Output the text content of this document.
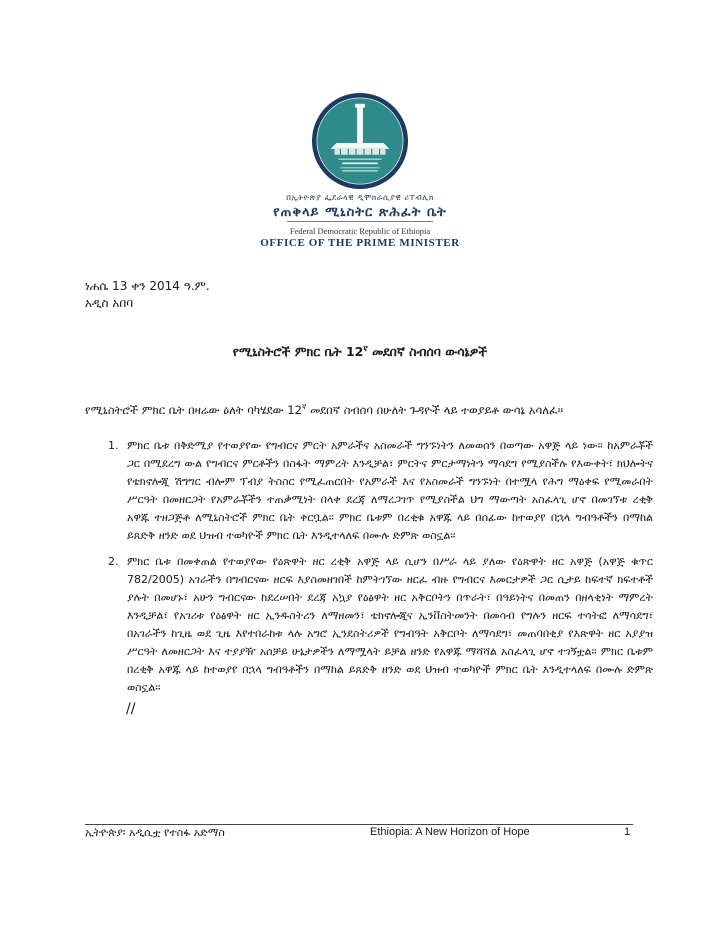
በኢትዮጵያ ፌደራላዊ ዲሞክራሲያዊ ሪፐብሊክ
የጠቅላይ ሚኒስትር ጽሕፈት ቤት
Federal Democratic Republic of Ethiopia
OFFICE OF THE PRIME MINISTER
ነሐሴ 13 ቀን 2014 ዓ.ም.
አዲስ አበባ
የሚኒስትሮች ምክር ቤት $12^ኛ$ መደበኛ ስብሰባ ውሳኔዎች
የሚኒስትሮች ምክር ቤት በዛሬው ዕለት ባካሄደው $12^ኛ$ መደበኛ ስብሰባ በሁለት ጉዳዮች ላይ ተወያይቶ ውሳኔ አሳለፈ፡፡
1. ምክር ቤቱ በቅድሚያ የተወያየው የግብርና ምርት አምራችና አስመራች ግንኙነትን ለመወሰን በወጣው አዋጅ ላይ ነው፡፡ ከአምራቾች ጋር በሚደረግ ውል የግብርና ምርቶችን በስፋት ማምረት እንዲቻል፣ ምርትና ምርታማነትን ማሳደግ የሚያስችሉ የእውቀት፣ ክህሎትና የቴክኖሎጂ ሽግግር ብሎም ፕብያ ትስስር የሚፈጠርበት የአምራች እና የአስመራች ግንኙነት በተሟላ የሕግ ማዕቀፍ የሚመራበት ሥርዓት በመዘርጋት የአምራቾችን ተጠቃሚነት በላቀ ደረጃ ለማረጋገጥ የሚያስችል ህግ ማውጣት አስፈላጊ ሆኖ በመገኘቱ ረቂቅ አዋጁ ተዘጋጅቶ ለሚኒስትሮች ምክር ቤት ቀርቧል፡፡ ምክር ቤቱም በረቂቁ አዋጁ ላይ በሰፊው ከተወያየ በኋላ ግብዓቶችን በማከል ይጸድቅ ዘንድ ወደ ህዝብ ተወካዮች ምክር ቤት እንዲተላለፍ በሙሉ ድምጽ ወስኗል፡፡
2. ምክር ቤቱ በመቀጠል የተወያየው የዕጽዋት ዘር ረቂቅ አዋጅ ላይ ሲሆን በሥራ ላይ ያለው የዕጽዋት ዘር አዋጅ (አዋጅ ቁጥር 782/2005) አገራችን በግብርናው ዘርፍ እያስመዘገበች ከምትገኘው ዘርፈ ብዙ የግብርና እመርታዎች ጋር ሲታይ ከፍተኛ ክፍተቶች ያሉት በመሆኑ፣ አሁን ግብርናው ከደረሠበት ደረጃ አኳያ የዕፅዋት ዘር አቅርቦትን በጥራት፣ በዓይነትና በመጠን በዘላቂነት ማምረት እንዲቻል፣ የአገሪቱ የዕፅዋት ዘር ኢንዱስትሪን ለማዘመን፣ ቴክኖሎጂና ኢንቨስትመንት በመሳብ የግሉን ዘርፍ ተሳትፎ ለማሳደግ፣ በአገራችን ከጊዜ ወደ ጊዜ እየተበራከቱ ላሉ አግሮ ኢንደስትሪዎች የግብዓት አቅርቦት ለማሳደግ፣ መጠባበቂያ የእጽዋት ዘር አያያዝ ሥርዓት ለመዘርጋት እና ተያያዥ አሰቻይ ሁኔታዎችን ለማሟላት ይቻል ዘንድ የአዋጁ ማሻሻል አስፈላጊ ሆኖ ተገኝቷል፡፡ ምክር ቤቱም በረቂቅ አዋጁ ላይ ከተወያየ በኋላ ግብዓቶችን በማከል ይጸድቅ ዘንድ ወደ ህዝብ ተወካዮች ምክር ቤት እንዲተላለፍ በሙሉ ድምጽ ወስኗል፡፡
//
ኢትዮጵያ፡ አዲሲቷ የተስፋ አድማስ	Ethiopia: A New Horizon of Hope	1
